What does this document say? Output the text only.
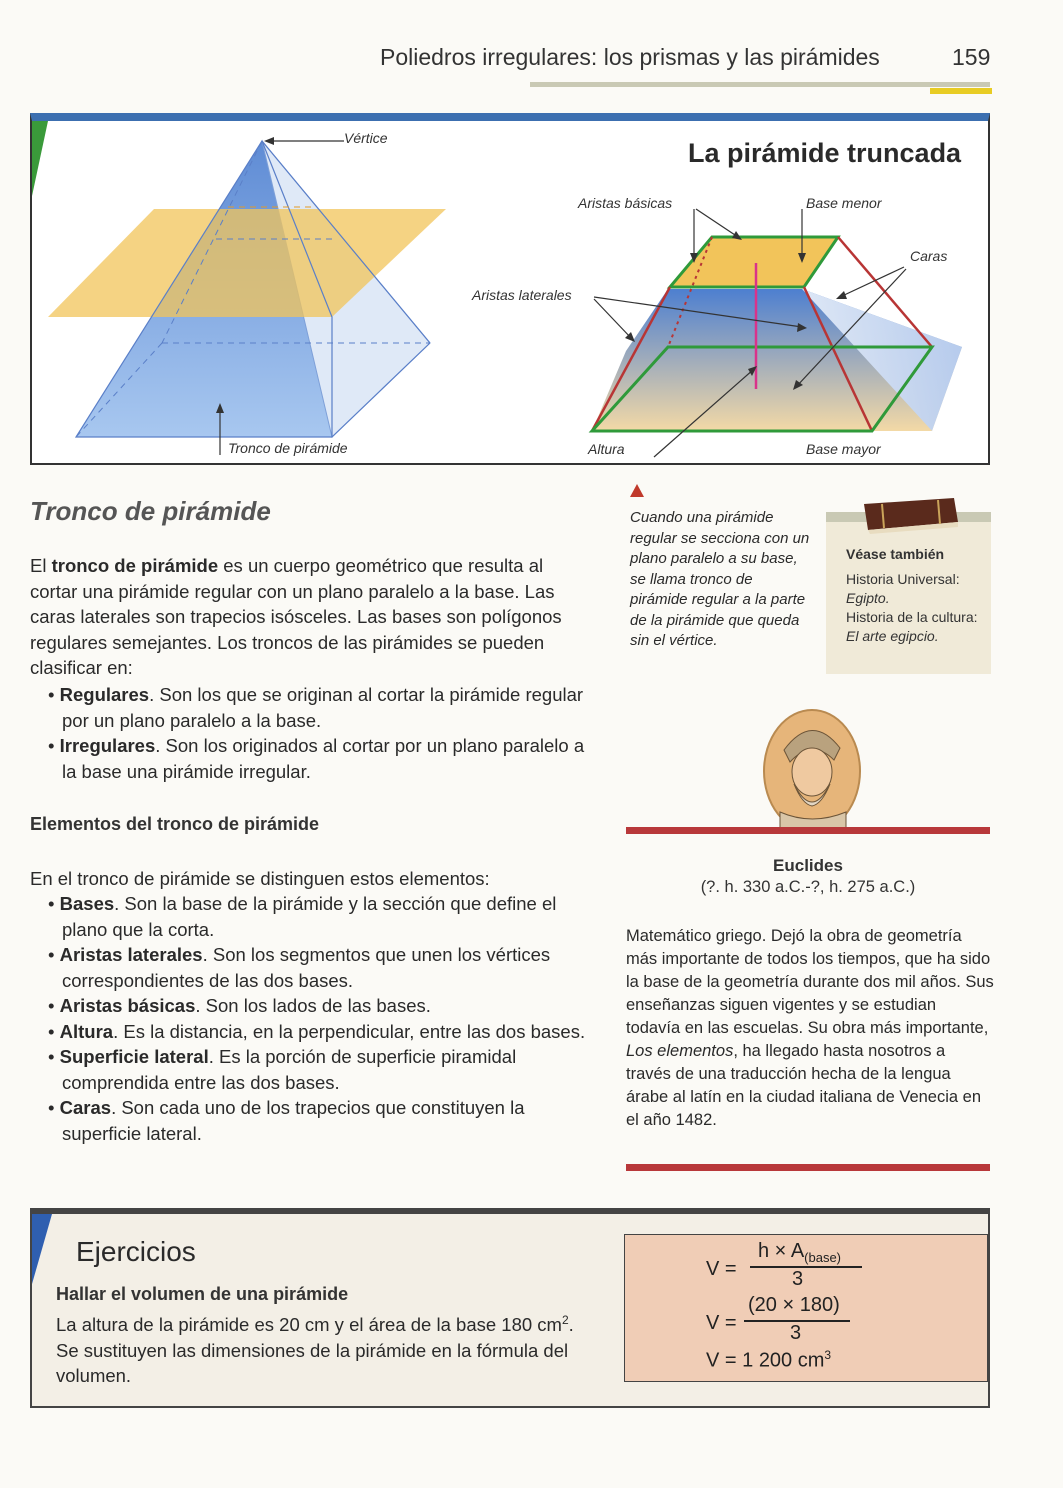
Poliedros irregulares: los prismas y las pirámides	159
La pirámide truncada
Vértice
Tronco de pirámide
Aristas básicas	Base menor
Caras
Aristas laterales
Altura	Base mayor
Tronco de pirámide
El tronco de pirámide es un cuerpo geométrico que resulta al cortar una pirámide regular con un plano paralelo a la base. Las caras laterales son trapecios isósceles. Las bases son polígonos regulares semejantes. Los troncos de las pirámides se pueden clasificar en:
• Regulares. Son los que se originan al cortar la pirámide regular por un plano paralelo a la base.
• Irregulares. Son los originados al cortar por un plano paralelo a la base una pirámide irregular.
Elementos del tronco de pirámide
En el tronco de pirámide se distinguen estos elementos:
• Bases. Son la base de la pirámide y la sección que define el plano que la corta.
• Aristas laterales. Son los segmentos que unen los vértices correspondientes de las dos bases.
• Aristas básicas. Son los lados de las bases.
• Altura. Es la distancia, en la perpendicular, entre las dos bases.
• Superficie lateral. Es la porción de superficie piramidal comprendida entre las dos bases.
• Caras. Son cada uno de los trapecios que constituyen la superficie lateral.
Cuando una pirámide regular se secciona con un plano paralelo a su base, se llama tronco de pirámide regular a la parte de la pirámide que queda sin el vértice.
Véase también
Historia Universal:
Egipto.
Historia de la cultura:
El arte egipcio.
Euclides
(?. h. 330 a.C.-?, h. 275 a.C.)
Matemático griego. Dejó la obra de geometría más importante de todos los tiempos, que ha sido la base de la geometría durante dos mil años. Sus enseñanzas siguen vigentes y se estudian todavía en las escuelas. Su obra más importante, Los elementos, ha llegado hasta nosotros a través de una traducción hecha de la lengua árabe al latín en la ciudad italiana de Venecia en el año 1482.
Ejercicios
Hallar el volumen de una pirámide
La altura de la pirámide es 20 cm y el área de la base 180 $cm^2$. Se sustituyen las dimensiones de la pirámide en la fórmula del volumen.
V =
$h \times A_{(base)}$
3
V =
(20 × 180)
3
V = 1 200 $cm^3$
